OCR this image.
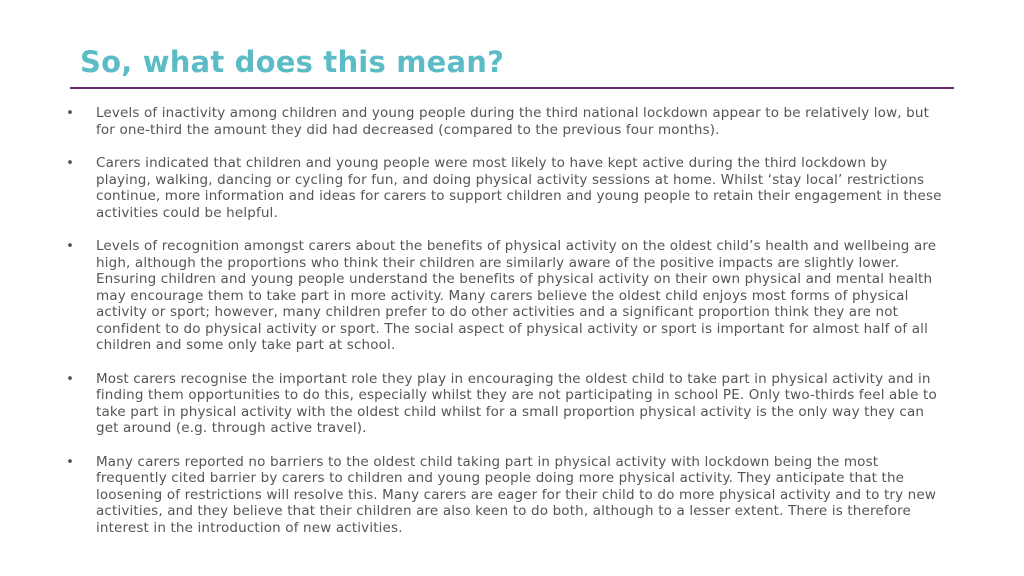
So, what does this mean?
•	Levels of inactivity among children and young people during the third national lockdown appear to be relatively low, but for one-third the amount they did had decreased (compared to the previous four months).
•	Carers indicated that children and young people were most likely to have kept active during the third lockdown by playing, walking, dancing or cycling for fun, and doing physical activity sessions at home. Whilst ‘stay local’ restrictions continue, more information and ideas for carers to support children and young people to retain their engagement in these activities could be helpful.
•	Levels of recognition amongst carers about the benefits of physical activity on the oldest child’s health and wellbeing are high, although the proportions who think their children are similarly aware of the positive impacts are slightly lower. Ensuring children and young people understand the benefits of physical activity on their own physical and mental health may encourage them to take part in more activity. Many carers believe the oldest child enjoys most forms of physical activity or sport; however, many children prefer to do other activities and a significant proportion think they are not confident to do physical activity or sport. The social aspect of physical activity or sport is important for almost half of all children and some only take part at school.
•	Most carers recognise the important role they play in encouraging the oldest child to take part in physical activity and in finding them opportunities to do this, especially whilst they are not participating in school PE. Only two-thirds feel able to take part in physical activity with the oldest child whilst for a small proportion physical activity is the only way they can get around (e.g. through active travel).
•	Many carers reported no barriers to the oldest child taking part in physical activity with lockdown being the most frequently cited barrier by carers to children and young people doing more physical activity. They anticipate that the loosening of restrictions will resolve this. Many carers are eager for their child to do more physical activity and to try new activities, and they believe that their children are also keen to do both, although to a lesser extent. There is therefore interest in the introduction of new activities.
